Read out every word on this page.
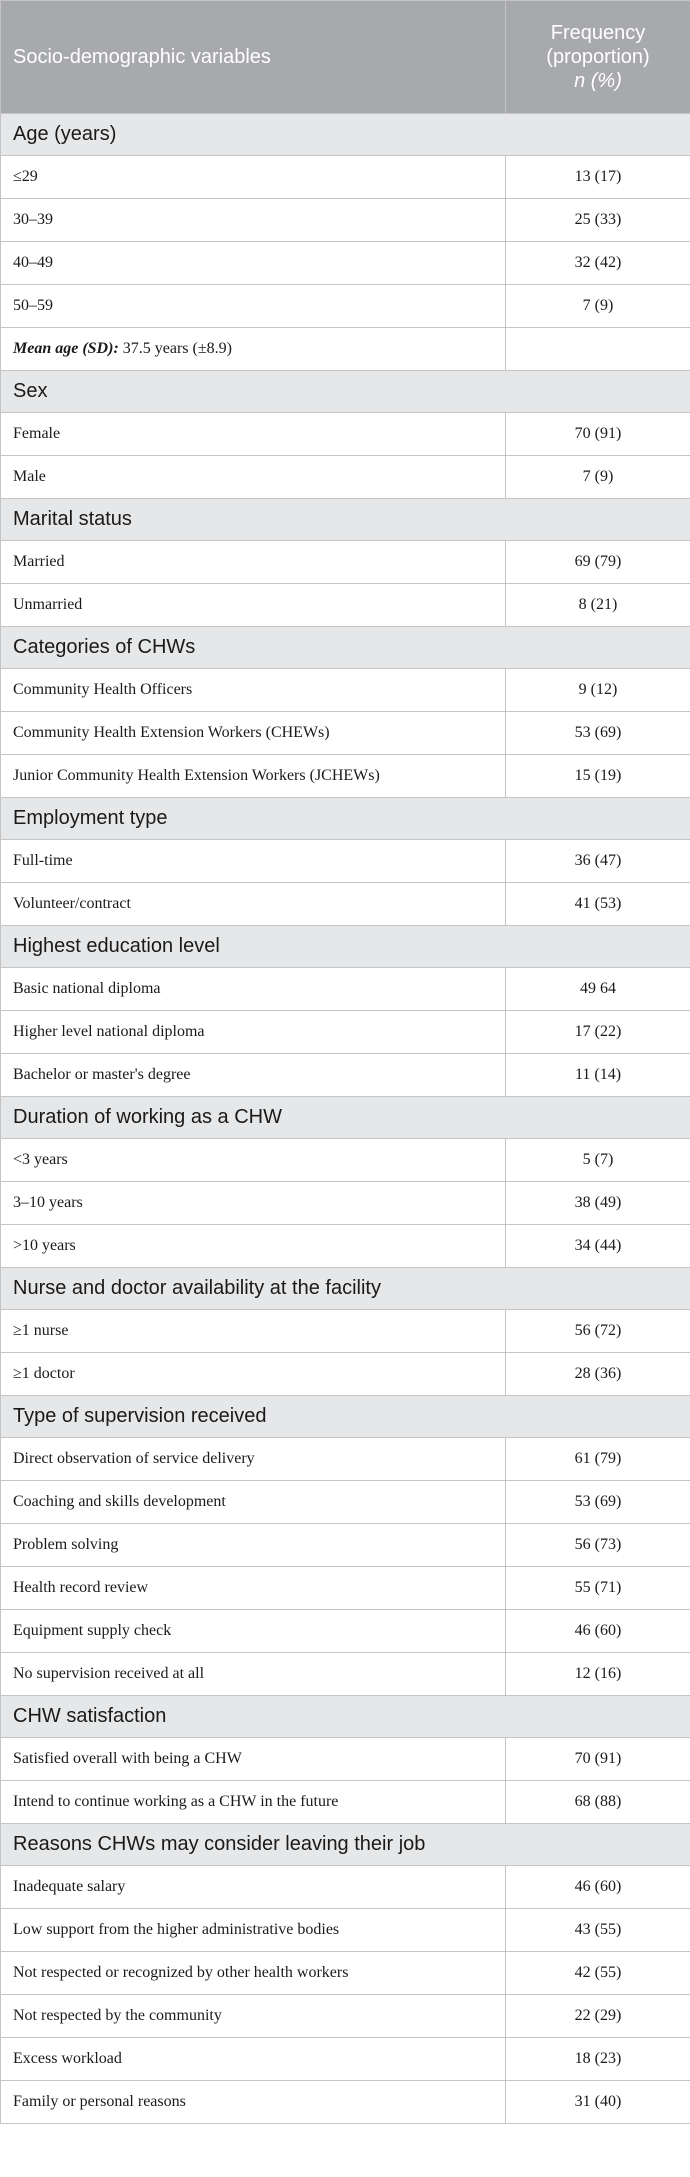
Socio-demographic variables	Frequency
(proportion)
n (%)

Age (years)	
≤29	13 (17)
30–39	25 (33)
40–49	32 (42)
50–59	7 (9)
Mean age (SD): 37.5 years (±8.9)	
Sex	
Female	70 (91)
Male	7 (9)
Marital status	
Married	69 (79)
Unmarried	8 (21)
Categories of CHWs	
Community Health Officers	9 (12)
Community Health Extension Workers (CHEWs)	53 (69)
Junior Community Health Extension Workers (JCHEWs)	15 (19)
Employment type	
Full-time	36 (47)
Volunteer/contract	41 (53)
Highest education level	
Basic national diploma	49 64
Higher level national diploma	17 (22)
Bachelor or master's degree	11 (14)
Duration of working as a CHW	
<3 years	5 (7)
3–10 years	38 (49)
>10 years	34 (44)
Nurse and doctor availability at the facility	
≥1 nurse	56 (72)
≥1 doctor	28 (36)
Type of supervision received	
Direct observation of service delivery	61 (79)
Coaching and skills development	53 (69)
Problem solving	56 (73)
Health record review	55 (71)
Equipment supply check	46 (60)
No supervision received at all	12 (16)
CHW satisfaction	
Satisfied overall with being a CHW	70 (91)
Intend to continue working as a CHW in the future	68 (88)
Reasons CHWs may consider leaving their job	
Inadequate salary	46 (60)
Low support from the higher administrative bodies	43 (55)
Not respected or recognized by other health workers	42 (55)
Not respected by the community	22 (29)
Excess workload	18 (23)
Family or personal reasons	31 (40)
